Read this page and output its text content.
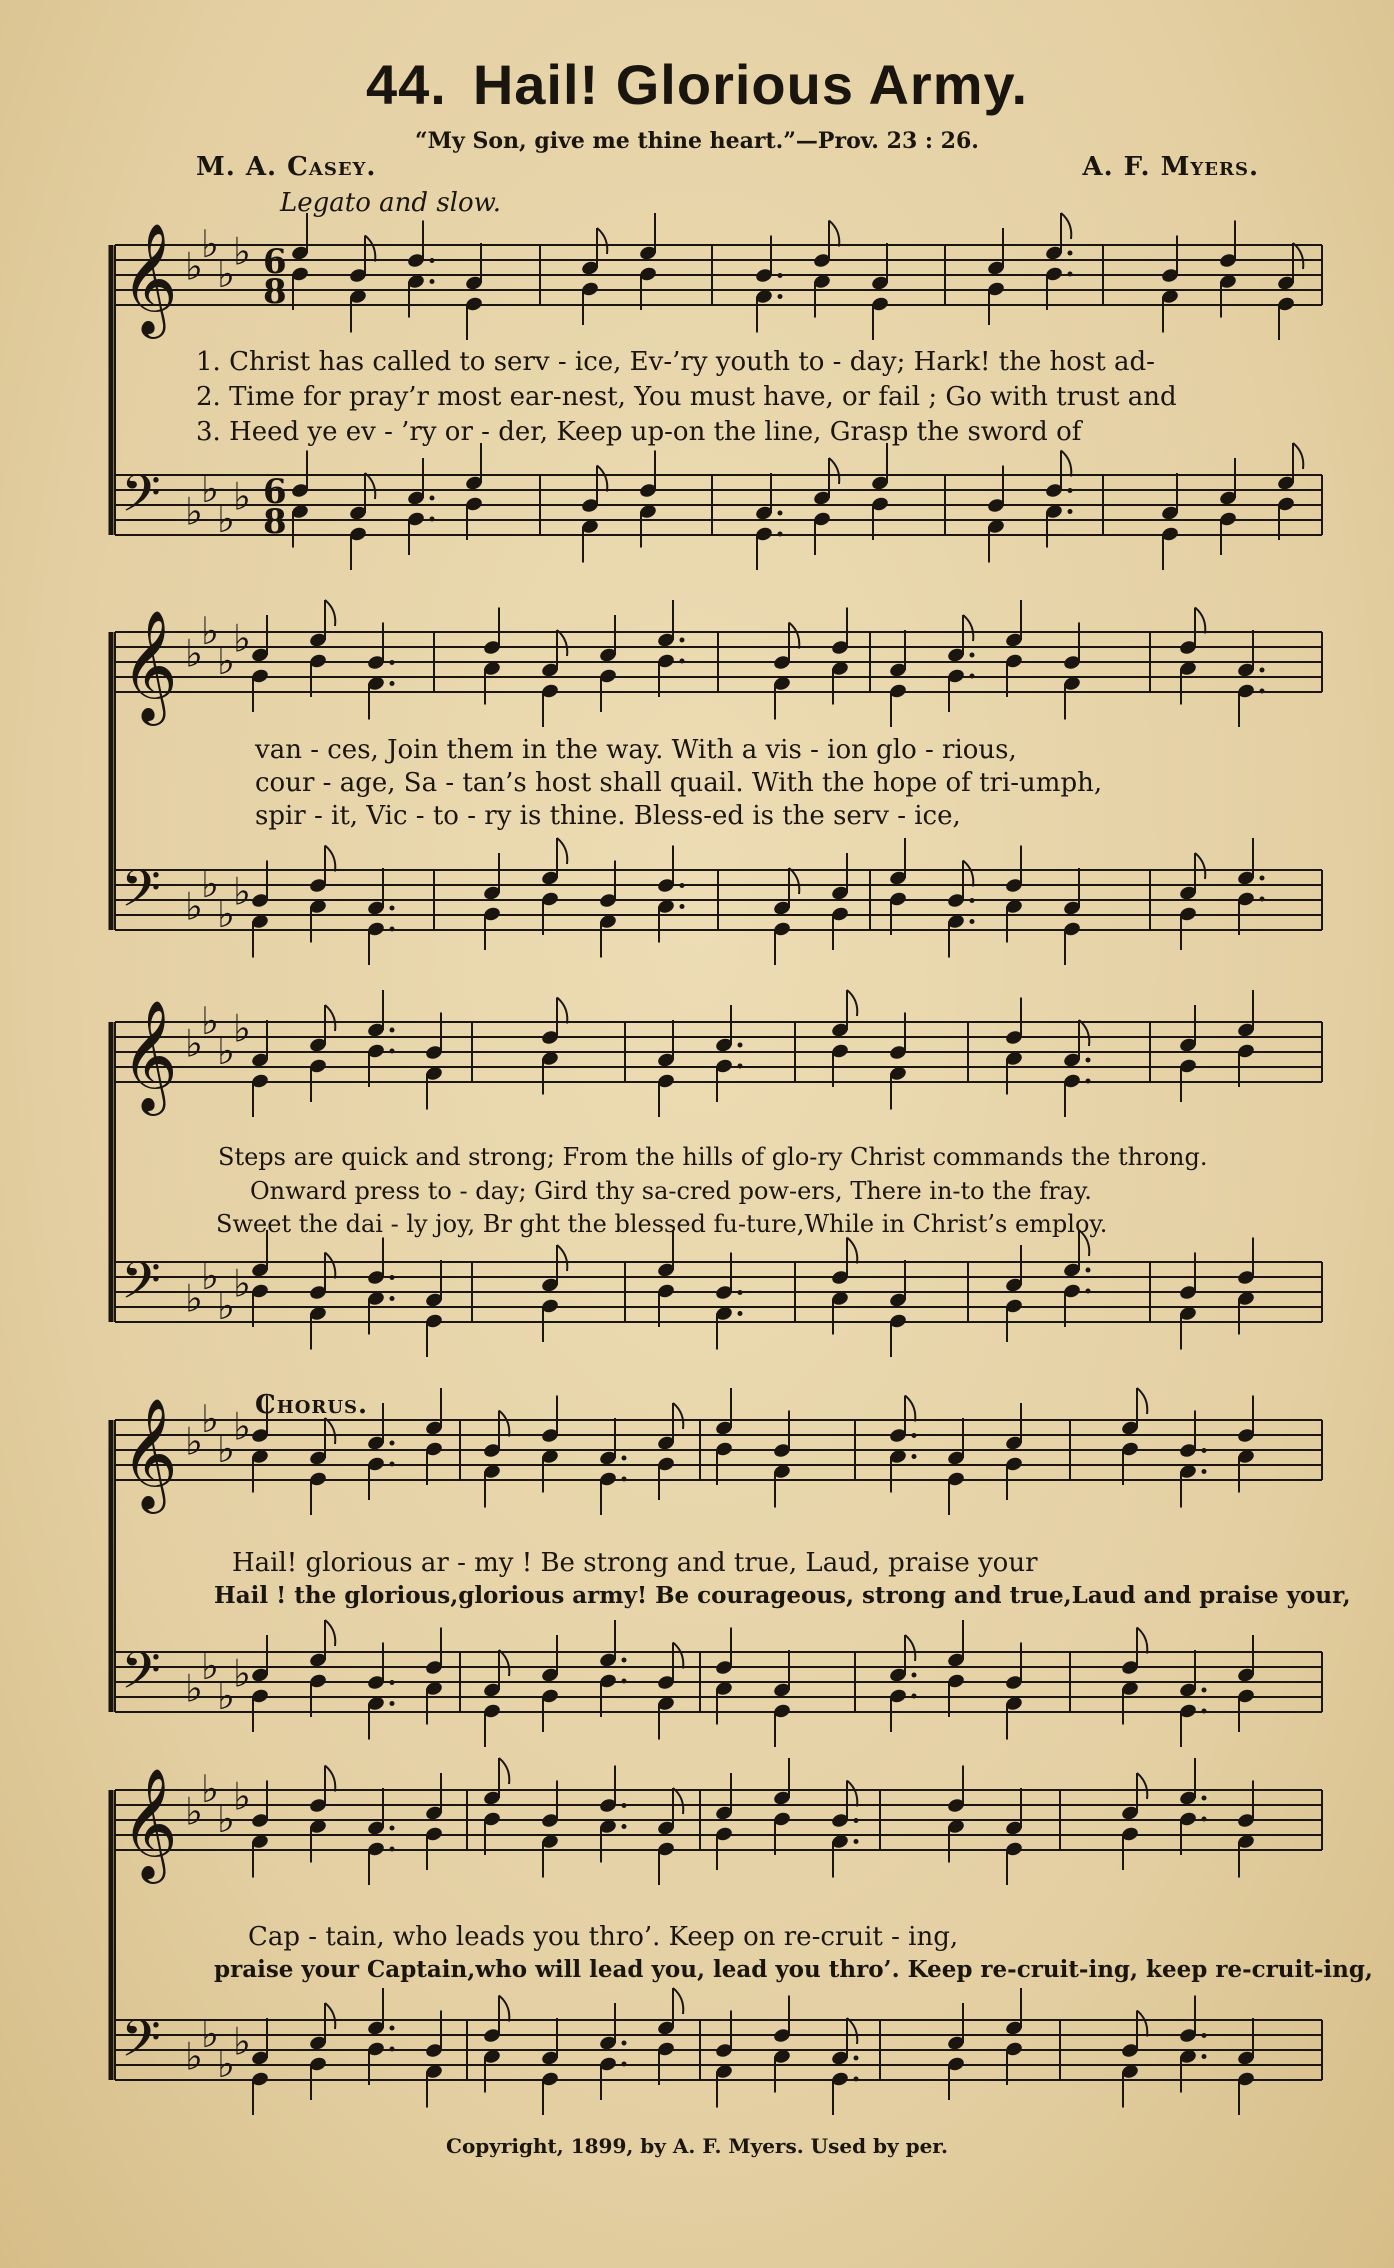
44. Hail! Glorious Army.
“My Son, give me thine heart.”—Prov. 23 : 26.
M. A. Casey.	A. F. Myers.
Legato and slow.
Chorus.
𝄞 ♭
♭
♭
♭ 6
8
𝄢 ♭
♭
♭
♭ 6
8
𝄞 ♭
♭
♭
♭
𝄢 ♭
♭
♭
♭
𝄞 ♭
♭
♭
♭
𝄢 ♭
♭
♭
♭
𝄞 ♭
♭
♭
♭
𝄢 ♭
♭
♭
♭
𝄞 ♭
♭
♭
♭
𝄢 ♭
♭
♭
♭
1. Christ has called to serv - ice, Ev-’ry youth to - day; Hark! the host ad-
2. Time for pray’r most ear-nest, You must have, or fail ; Go with trust and
3. Heed ye ev - ’ry or - der, Keep up-on the line, Grasp the sword of
van - ces, Join them in the way. With a vis - ion glo - rious,
cour - age, Sa - tan’s host shall quail. With the hope of tri-umph,
spir - it, Vic - to - ry is thine. Bless-ed is the serv - ice,
Steps are quick and strong; From the hills of glo-ry Christ commands the throng.
Onward press to - day; Gird thy sa-cred pow-ers, There in-to the fray.
Sweet the dai - ly joy, Br ght the blessed fu-ture,While in Christ’s employ.
Hail! glorious ar - my ! Be strong and true, Laud, praise your
Hail ! the glorious,glorious army! Be courageous, strong and true,Laud and praise your,
Cap - tain, who leads you thro’. Keep on re-cruit - ing,
praise your Captain,who will lead you, lead you thro’. Keep re-cruit-ing, keep re-cruit-ing,
Copyright, 1899, by A. F. Myers. Used by per.
